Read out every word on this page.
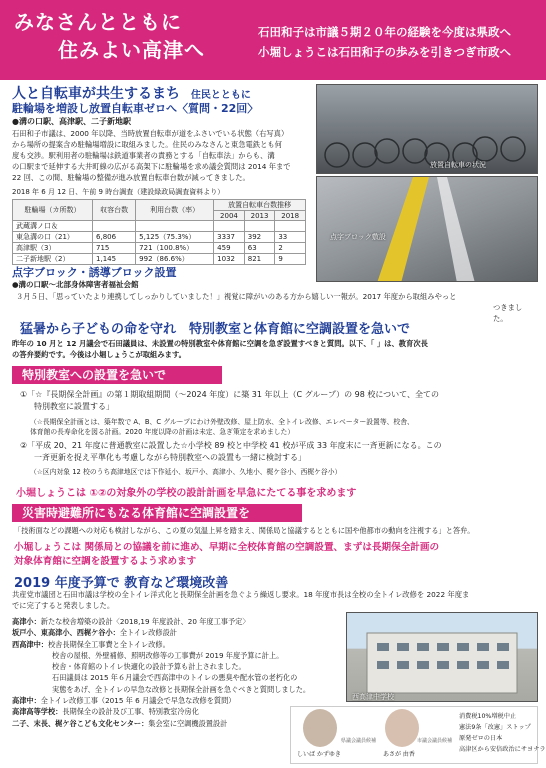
みなさんとともに
住みよい高津へ
石田和子は市議５期２０年の経験を今度は県政へ
小堀しょうこは石田和子の歩みを引きつぎ市政へ
人と自転車が共生するまち 住民とともに
駐輪場を増設し放置自転車ゼロへ〈質問・22回〉
●溝の口駅、高津駅、二子新地駅

石田和子市議は、2000 年以降、当時放置自転車が道をふさいでいる状態（右写真）

から場所の提案含め駐輪場増設に取組みました。住民のみなさんと東急電鉄とも何

度も交渉。駅利用者の駐輪場は鉄道事業者の責務とする「自転車法」からも、溝

の口駅まで延伸する大井町線の広がる高架下に駐輪場を求め議会質問は 2014 年まで

22 回、この間、駐輪場の整備が進み放置自転車台数が減ってきました。

2018 年 6 月 12 日、午前 9 時台調査（建設緑政局調査資料より）
駐輪場（カ所数）	収容台数	利用台数（率）	放置自転車台数推移		
			2004	2013	2018
武蔵溝ノ口＆					
東急溝の口（21）	6,806	5,125（75.3%）	3337	392	33
高津駅（3）	715	721（100.8%）	459	63	2
二子新地駅（2）	1,145	992（86.6%）	1032	821	9
放置自転車の状況
点字ブロック敷設
点字ブロック・誘導ブロック設置
●溝の口駅〜北部身体障害者福祉会館

３月５日、「思っていたより連携してしっかりしていました！」視覚に障がいのある方から嬉しい一報が。2017 年度から取組みやっと

つきました。

猛暑から子どもの命を守れ　特別教室と体育館に空調設置を急いで

昨年の 10 月と 12 月議会で石田議員は、未設置の特別教室や体育館に空調を急ぎ設置すべきと質問。以下、「 」は、教育次長

の答弁要約です。今後は小堀しょうこが取組みます。

特別教室への設置を急いで

①「☆『長期保全計画』の第１期取組期間（〜2024 年度）に築 31 年以上（C グループ）の 98 校について、全ての

特別教室に設置する」

（☆長期保全計画とは、築年数で A、B、C グループにわけ外壁改修、屋上防水、全トイレ改修、エレベーター設置等、校舎、

体育館の長寿命化を図る計画。2020 年度以降の計画は未定、急ぎ策定を求めました）

②「平成 20、21 年度に普通教室に設置した☆小学校 89 校と中学校 41 校が平成 33 年度末に一斉更新になる。この

一斉更新を捉え平準化も考慮しながら特別教室への設置も一緒に検討する」

（☆区内対象 12 校のうち高津地区では下作延小、坂戸小、高津小、久地小、梶ケ谷小、西梶ケ谷小）
小堀しょうこは ①②の対象外の学校の設計計画を早急にたてる事を求めます
災害時避難所にもなる体育館に空調設置を
「技術面などの課題への対応も検討しながら、この夏の気温上昇を踏まえ、関係局と協議するとともに国や他都市の動向を注視する」と答弁。
小堀しょうこは 関係局との協議を前に進め、早期に全校体育館の空調設置、まずは長期保全計画の
対象体育館に空調を設置するよう求めます
2019 年度予算で 教育など環境改善

共産党市議団と石田市議は学校の全トイレ洋式化と長期保全計画を急ぐよう繰返し要求。18 年度市長は全校の全トイレ改修を 2022 年度ま

でに完了すると発表しました。

高津小：新たな校舎増築の設計〈2018,19 年度設計、20 年度工事予定〉

坂戸小、東高津小、西梶ケ谷小：全トイレ改修設計

西高津中：校舎長期保全工事費と全トイレ改修。

校舎の屋根、外壁補修、照明改修等の工事費が 2019 年度予算に計上。

校舎・体育館のトイレ快適化の設計予算も計上されました。

石田議員は 2015 年６月議会で西高津中のトイレの悪臭や配水管の老朽化の

実態をあげ、全トイレの早急な改修と長期保全計画を急ぐべきと質問しました。

高津中：全トイレ改修工事（2015 年 6 月議会で早急な改修を質問）

高津高等学校：長期保全の設計及び工事、特別教室冷房化

二子、末長、梶ケ谷こども文化センター：集会室に空調機設置設計

西高津中学校
しいば かずゆき
県議会議員候補
あさが 由香
市議会議員候補

消費税10%増税中止

憲法9条「改憲」ストップ

原発ゼロの日本

高津区から安倍政治にサヨナラ
